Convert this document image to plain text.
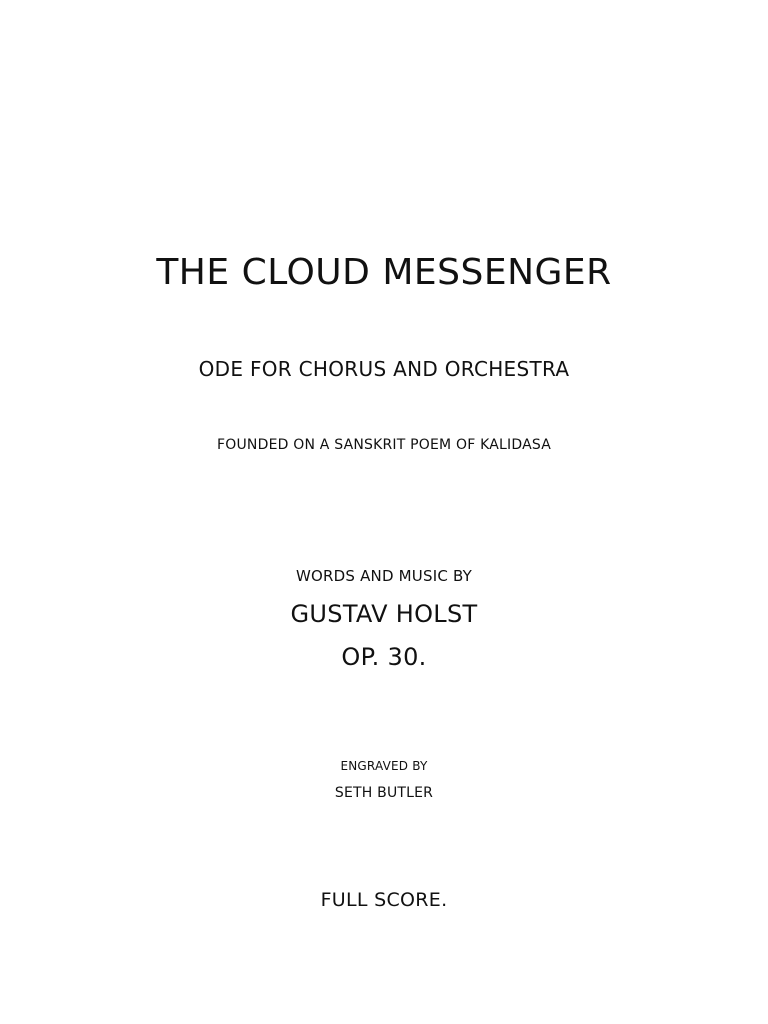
THE CLOUD MESSENGER
ODE FOR CHORUS AND ORCHESTRA
FOUNDED ON A SANSKRIT POEM OF KALIDASA
WORDS AND MUSIC BY
GUSTAV HOLST
OP. 30.
ENGRAVED BY
SETH BUTLER
FULL SCORE.
